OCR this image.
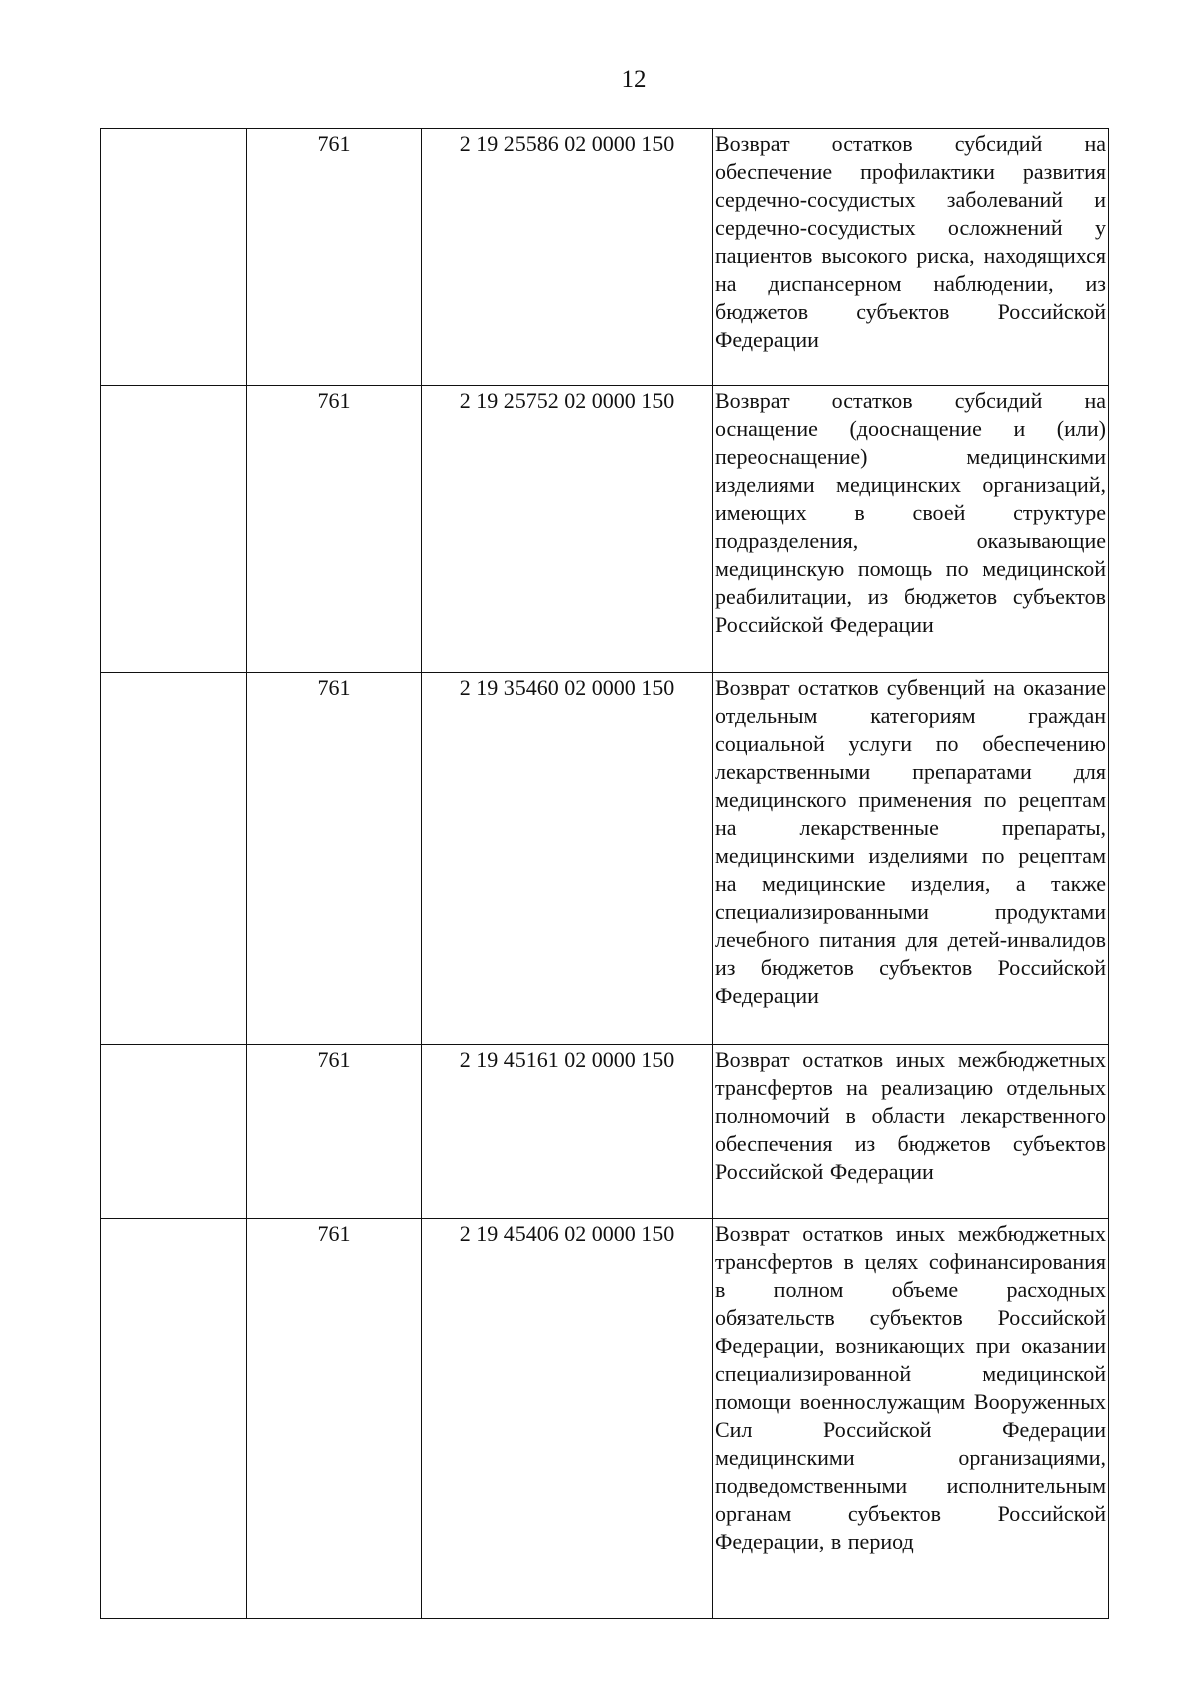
12
	761	2 19 25586 02 0000 150	Возврат остатков субсидий на обеспечение профилактики развития сердечно-сосудистых заболеваний и сердечно-сосудистых осложнений у пациентов высокого риска, находящихся на диспансерном наблюдении, из бюджетов субъектов Российской Федерации
	761	2 19 25752 02 0000 150	Возврат остатков субсидий на оснащение (дооснащение и (или) переоснащение) медицинскими изделиями медицинских организаций, имеющих в своей структуре подразделения, оказывающие медицинскую помощь по медицинской реабилитации, из бюджетов субъектов Российской Федерации
	761	2 19 35460 02 0000 150	Возврат остатков субвенций на оказание отдельным категориям граждан социальной услуги по обеспечению лекарственными препаратами для медицинского применения по рецептам на лекарственные препараты, медицинскими изделиями по рецептам на медицинские изделия, а также специализированными продуктами лечебного питания для детей-инвалидов из бюджетов субъектов Российской Федерации
	761	2 19 45161 02 0000 150	Возврат остатков иных межбюджетных трансфертов на реализацию отдельных полномочий в области лекарственного обеспечения из бюджетов субъектов Российской Федерации
	761	2 19 45406 02 0000 150	Возврат остатков иных межбюджетных трансфертов в целях софинансирования в полном объеме расходных обязательств субъектов Российской Федерации, возникающих при оказании специализированной медицинской помощи военнослужащим Вооруженных Сил Российской Федерации медицинскими организациями, подведомственными исполнительным органам субъектов Российской Федерации, в период
